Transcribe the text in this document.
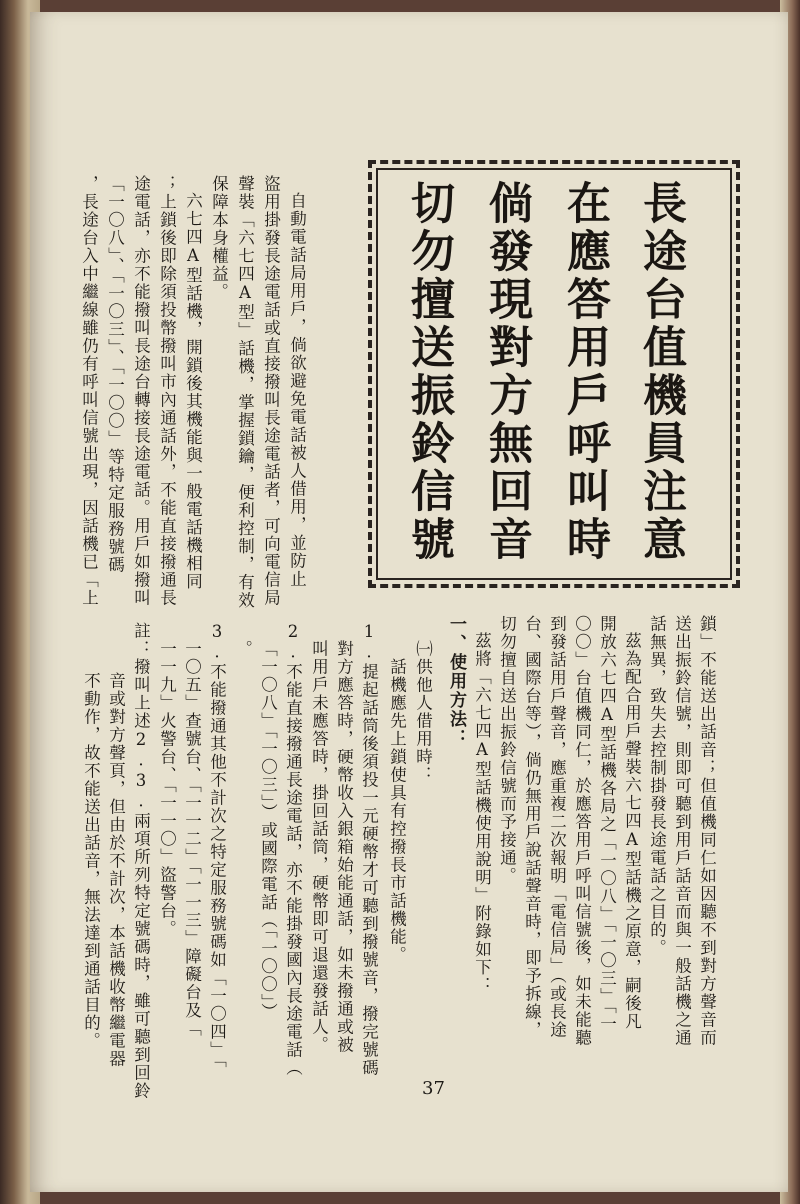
長途台值機員注意
在應答用戶呼叫時
倘發現對方無回音
切勿擅送振鈴信號
自動電話局用戶，倘欲避免電話被人借用，並防止
盜用掛發長途電話或直接撥叫長途電話者，可向電信局
聲裝「六七四A型」話機，掌握鎖鑰，便利控制，有效
保障本身權益。
六七四A型話機，開鎖後其機能與一般電話機相同
；上鎖後即除須投幣撥叫市內通話外，不能直接撥通長
途電話，亦不能撥叫長途台轉接長途電話。用戶如撥叫
「一〇八」、「一〇三」、「一〇〇」等特定服務號碼
，長途台入中繼線雖仍有呼叫信號出現，因話機已「上
鎖」不能送出話音；但值機同仁如因聽不到對方聲音而
送出振鈴信號，則即可聽到用戶話音而與一般話機之通
話無異，致失去控制掛發長途電話之目的。
茲為配合用戶聲裝六七四A型話機之原意，嗣後凡
開放六七四A型話機各局之「一〇八」「一〇三」「一
〇〇」台值機同仁，於應答用戶呼叫信號後，如未能聽
到發話用戶聲音，應重複二次報明「電信局」（或長途
台、國際台等），倘仍無用戶說話聲音時，即予拆線，
切勿擅自送出振鈴信號而予接通。
茲將「六七四A型話機使用說明」附錄如下：
一、使用方法：
㈠供他人借用時：
話機應先上鎖使具有控撥長市話機能。
1.提起話筒後須投一元硬幣才可聽到撥號音，撥完號碼
對方應答時，硬幣收入銀箱始能通話，如未撥通或被
叫用戶未應答時，掛回話筒，硬幣即可退還發話人。
2.不能直接撥通長途電話，亦不能掛發國內長途電話（
「一〇八」「一〇三」）或國際電話（「一〇〇」）
。
3.不能撥通其他不計次之特定服務號碼如「一〇四」「
一〇五」查號台、「一一二」「一一三」障礙台及「
一一九」火警台、「一一〇」盜警台。
註：撥叫上述2.3.兩項所列特定號碼時，雖可聽到回鈴
音或對方聲頁，但由於不計次，本話機收幣繼電器
不動作，故不能送出話音，無法達到通話目的。
37
